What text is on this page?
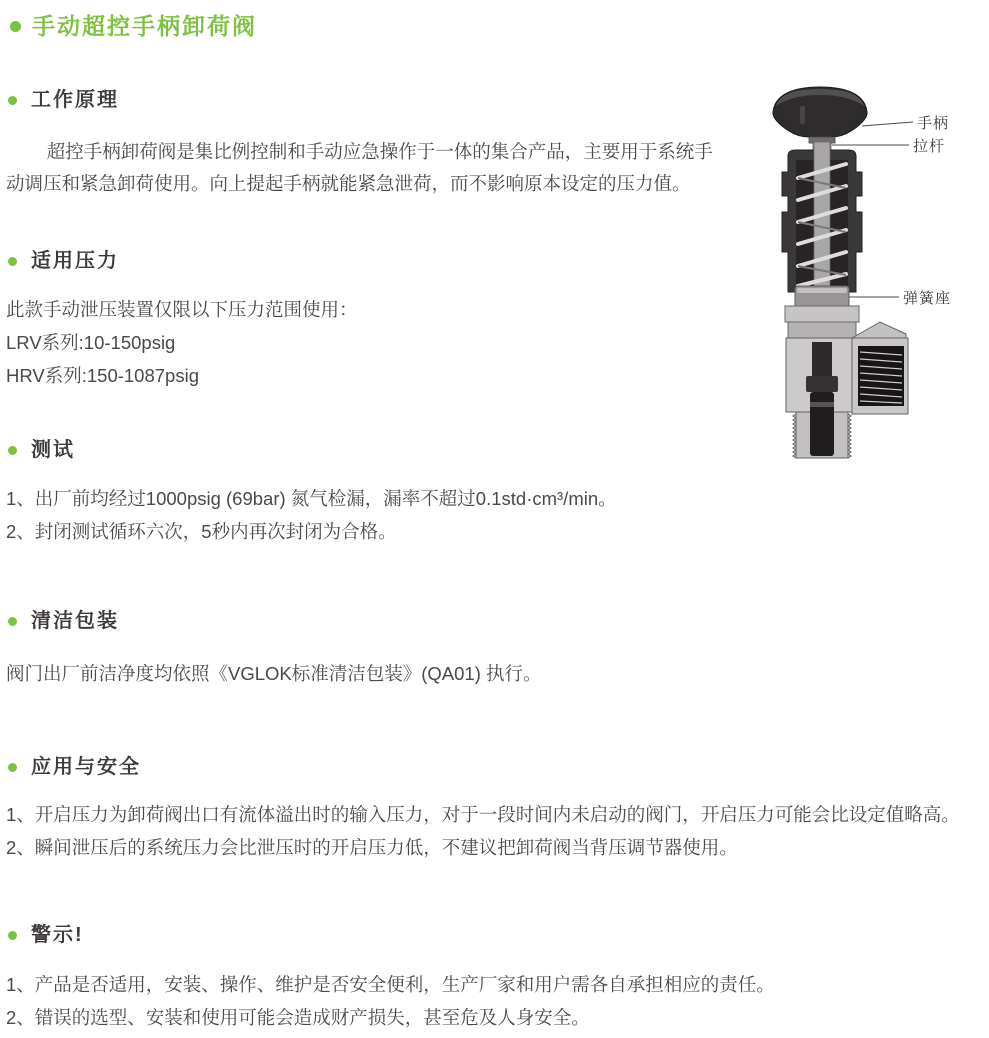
手动超控手柄卸荷阀
工作原理

超控手柄卸荷阀是集比例控制和手动应急操作于一体的集合产品，主要用于系统手动调压和紧急卸荷使用。向上提起手柄就能紧急泄荷，而不影响原本设定的压力值。

适用压力
此款手动泄压装置仅限以下压力范围使用：
LRV系列:10-150psig
HRV系列:150-1087psig
测试
1、出厂前均经过1000psig (69bar) 氮气检漏，漏率不超过0.1std·cm³/min。
2、封闭测试循环六次，5秒内再次封闭为合格。
清洁包装
阀门出厂前洁净度均依照《VGLOK标准清洁包装》(QA01) 执行。
应用与安全
1、开启压力为卸荷阀出口有流体溢出时的输入压力，对于一段时间内未启动的阀门，开启压力可能会比设定值略高。
2、瞬间泄压后的系统压力会比泄压时的开启压力低，不建议把卸荷阀当背压调节器使用。
警示!
1、产品是否适用，安装、操作、维护是否安全便利，生产厂家和用户需各自承担相应的责任。
2、错误的选型、安装和使用可能会造成财产损失，甚至危及人身安全。
手柄
拉杆
弹簧座
